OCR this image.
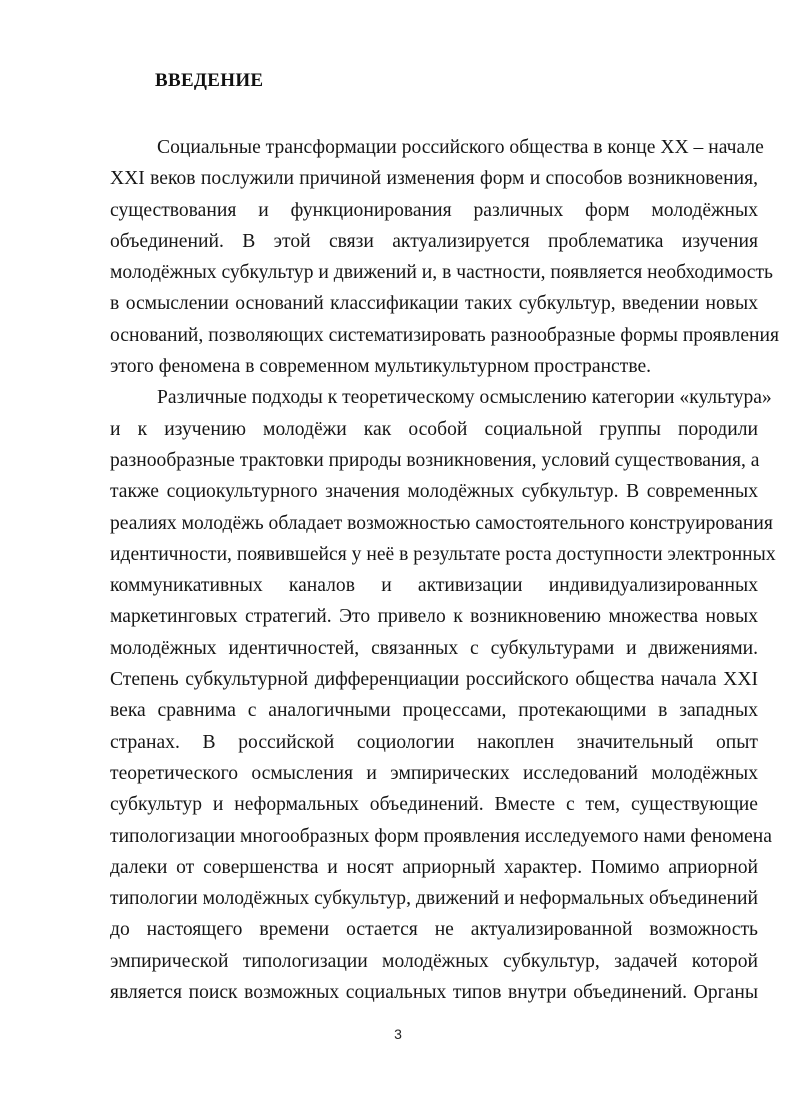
ВВЕДЕНИЕ
Социальные трансформации российского общества в конце XX – начале
XXI веков послужили причиной изменения форм и способов возникновения,
существования и функционирования различных форм молодёжных
объединений. В этой связи актуализируется проблематика изучения
молодёжных субкультур и движений и, в частности, появляется необходимость
в осмыслении оснований классификации таких субкультур, введении новых
оснований, позволяющих систематизировать разнообразные формы проявления
этого феномена в современном мультикультурном пространстве.
Различные подходы к теоретическому осмыслению категории «культура»
и к изучению молодёжи как особой социальной группы породили
разнообразные трактовки природы возникновения, условий существования, а
также социокультурного значения молодёжных субкультур. В современных
реалиях молодёжь обладает возможностью самостоятельного конструирования
идентичности, появившейся у неё в результате роста доступности электронных
коммуникативных каналов и активизации индивидуализированных
маркетинговых стратегий. Это привело к возникновению множества новых
молодёжных идентичностей, связанных с субкультурами и движениями.
Степень субкультурной дифференциации российского общества начала XXI
века сравнима с аналогичными процессами, протекающими в западных
странах. В российской социологии накоплен значительный опыт
теоретического осмысления и эмпирических исследований молодёжных
субкультур и неформальных объединений. Вместе с тем, существующие
типологизации многообразных форм проявления исследуемого нами феномена
далеки от совершенства и носят априорный характер. Помимо априорной
типологии молодёжных субкультур, движений и неформальных объединений
до настоящего времени остается не актуализированной возможность
эмпирической типологизации молодёжных субкультур, задачей которой
является поиск возможных социальных типов внутри объединений. Органы
3
